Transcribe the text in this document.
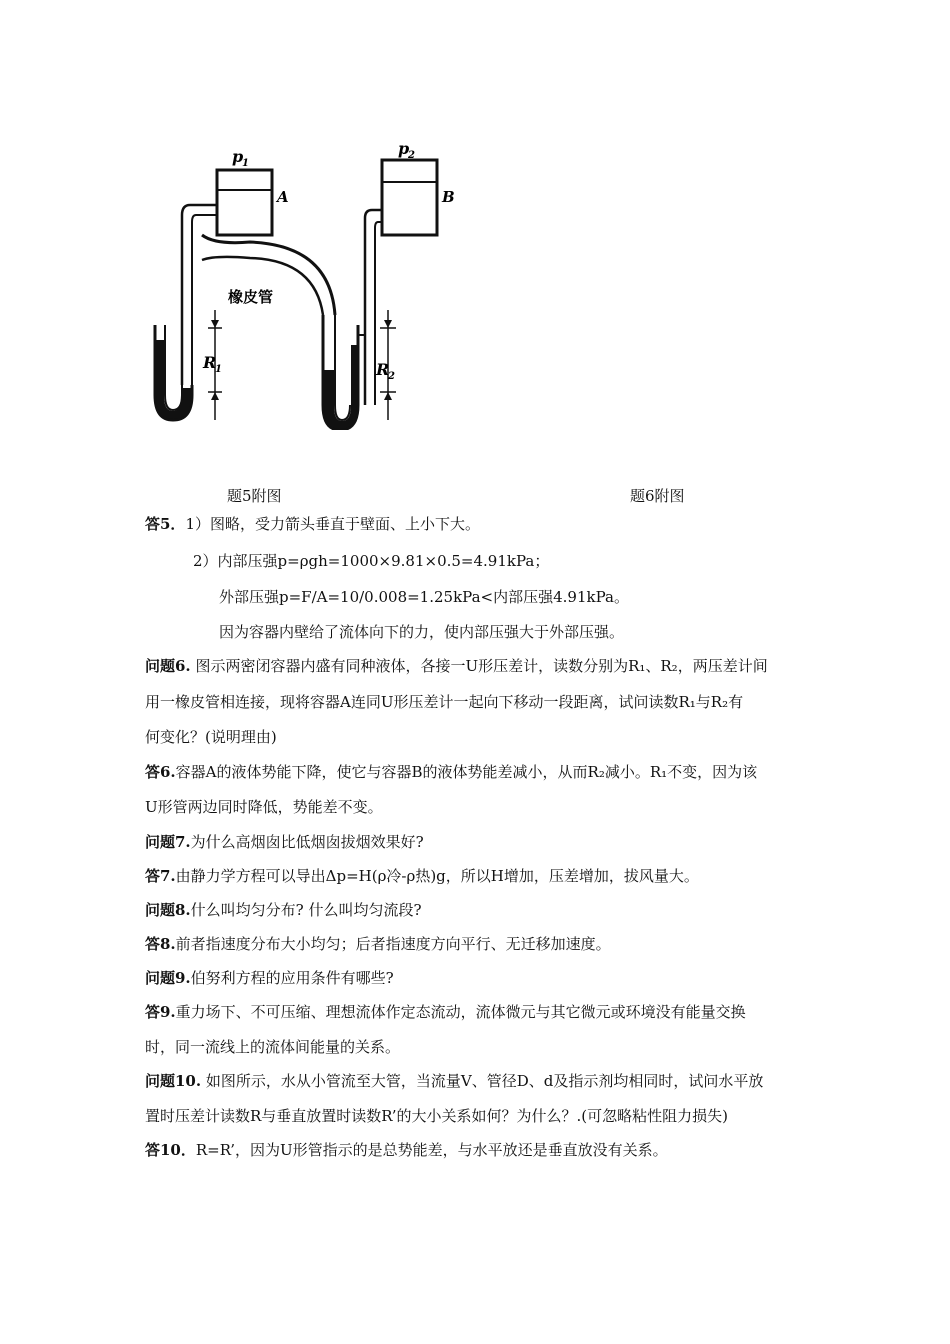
p
1
A
p
2
B
橡皮管
R
1	R
2
题5附图	题6附图
答5．1）图略，受力箭头垂直于壁面、上小下大。
2）内部压强p=ρgh=1000×9.81×0.5=4.91kPa；
外部压强p=F/A=10/0.008=1.25kPa<内部压强4.91kPa。
因为容器内壁给了流体向下的力，使内部压强大于外部压强。
问题6. 图示两密闭容器内盛有同种液体，各接一U形压差计，读数分别为R₁、R₂，两压差计间
用一橡皮管相连接，现将容器A连同U形压差计一起向下移动一段距离，试问读数R₁与R₂有
何变化？(说明理由)
答6.容器A的液体势能下降，使它与容器B的液体势能差减小，从而R₂减小。R₁不变，因为该
U形管两边同时降低，势能差不变。
问题7.为什么高烟囱比低烟囱拔烟效果好?
答7.由静力学方程可以导出Δp=H(ρ冷-ρ热)g，所以H增加，压差增加，拔风量大。
问题8.什么叫均匀分布? 什么叫均匀流段?
答8.前者指速度分布大小均匀；后者指速度方向平行、无迁移加速度。
问题9.伯努利方程的应用条件有哪些?
答9.重力场下、不可压缩、理想流体作定态流动，流体微元与其它微元或环境没有能量交换
时，同一流线上的流体间能量的关系。
问题10. 如图所示，水从小管流至大管，当流量V、管径D、d及指示剂均相同时，试问水平放
置时压差计读数R与垂直放置时读数R’的大小关系如何？为什么？.(可忽略粘性阻力损失)
答10．R=R’，因为U形管指示的是总势能差，与水平放还是垂直放没有关系。
